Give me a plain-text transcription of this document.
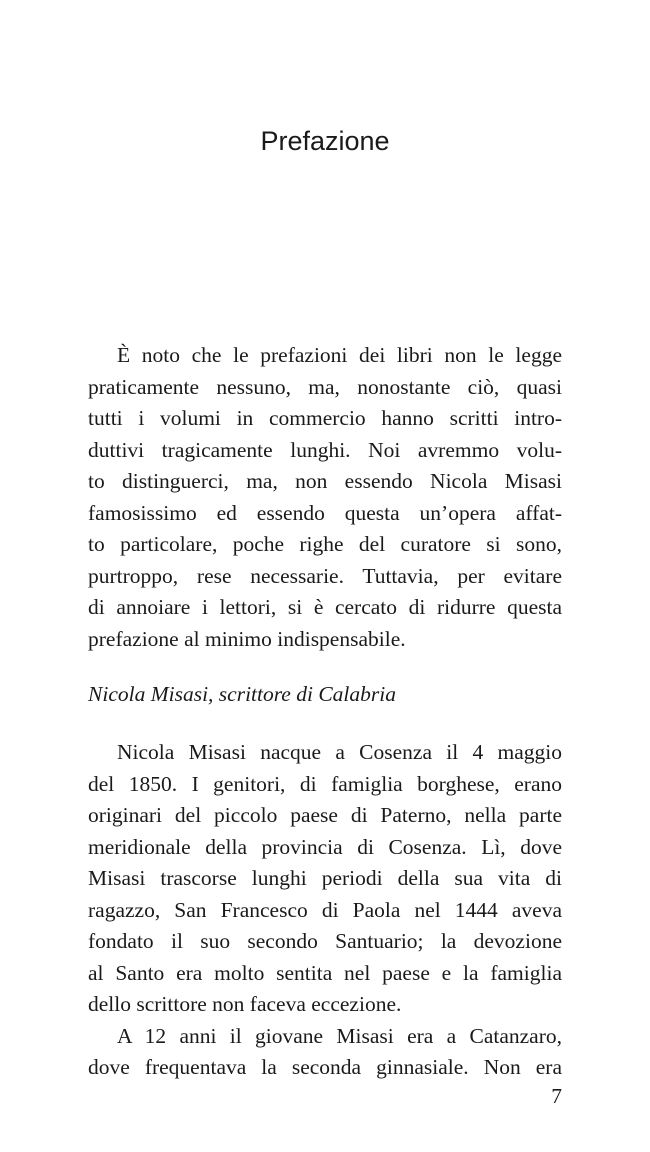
Prefazione
È noto che le prefazioni dei libri non le legge
praticamente nessuno, ma, nonostante ciò, quasi
tutti i volumi in commercio hanno scritti intro-
duttivi tragicamente lunghi. Noi avremmo volu-
to distinguerci, ma, non essendo Nicola Misasi
famosissimo ed essendo questa un’opera affat-
to particolare, poche righe del curatore si sono,
purtroppo, rese necessarie. Tuttavia, per evitare
di annoiare i lettori, si è cercato di ridurre questa
prefazione al minimo indispensabile.
Nicola Misasi, scrittore di Calabria
Nicola Misasi nacque a Cosenza il 4 maggio
del 1850. I genitori, di famiglia borghese, erano
originari del piccolo paese di Paterno, nella parte
meridionale della provincia di Cosenza. Lì, dove
Misasi trascorse lunghi periodi della sua vita di
ragazzo, San Francesco di Paola nel 1444 aveva
fondato il suo secondo Santuario; la devozione
al Santo era molto sentita nel paese e la famiglia
dello scrittore non faceva eccezione.
A 12 anni il giovane Misasi era a Catanzaro,
dove frequentava la seconda ginnasiale. Non era
7
